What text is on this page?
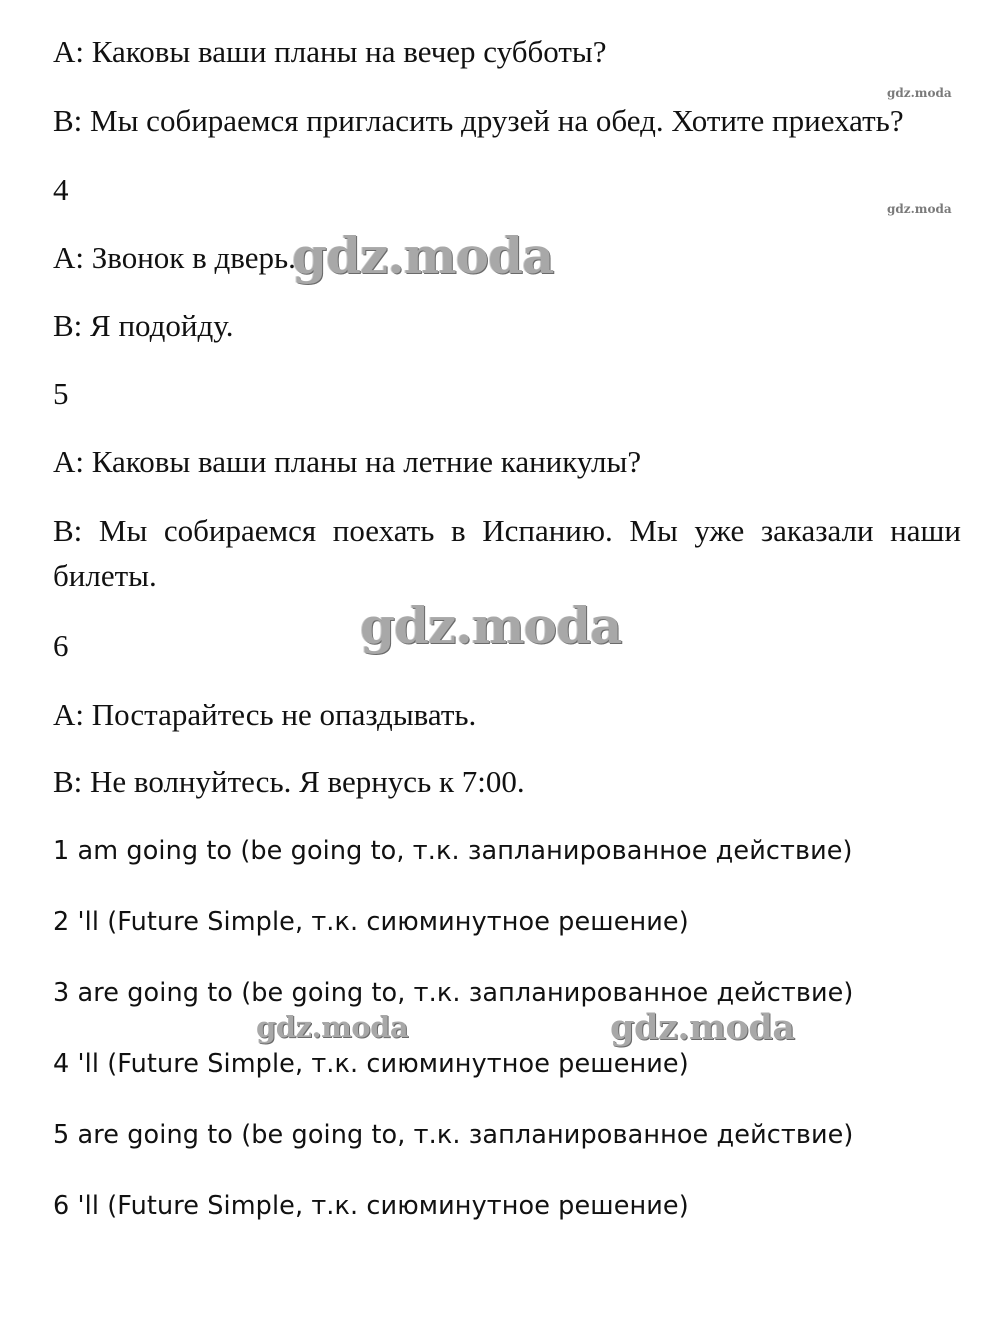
А: Каковы ваши планы на вечер субботы?
В: Мы собираемся пригласить друзей на обед. Хотите приехать?
4
А: Звонок в дверь.
В: Я подойду.
5
А: Каковы ваши планы на летние каникулы?
В: Мы собираемся поехать в Испанию. Мы уже заказали наши билеты.
6
А: Постарайтесь не опаздывать.
В: Не волнуйтесь. Я вернусь к 7:00.
1 am going to (be going to, т.к. запланированное действие)
2 'll (Future Simple, т.к. сиюминутное решение)
3 are going to (be going to, т.к. запланированное действие)
4 'll (Future Simple, т.к. сиюминутное решение)
5 are going to (be going to, т.к. запланированное действие)
6 'll (Future Simple, т.к. сиюминутное решение)
gdz.moda
gdz.moda
gdz.moda
gdz.moda
gdz.moda	gdz.moda
